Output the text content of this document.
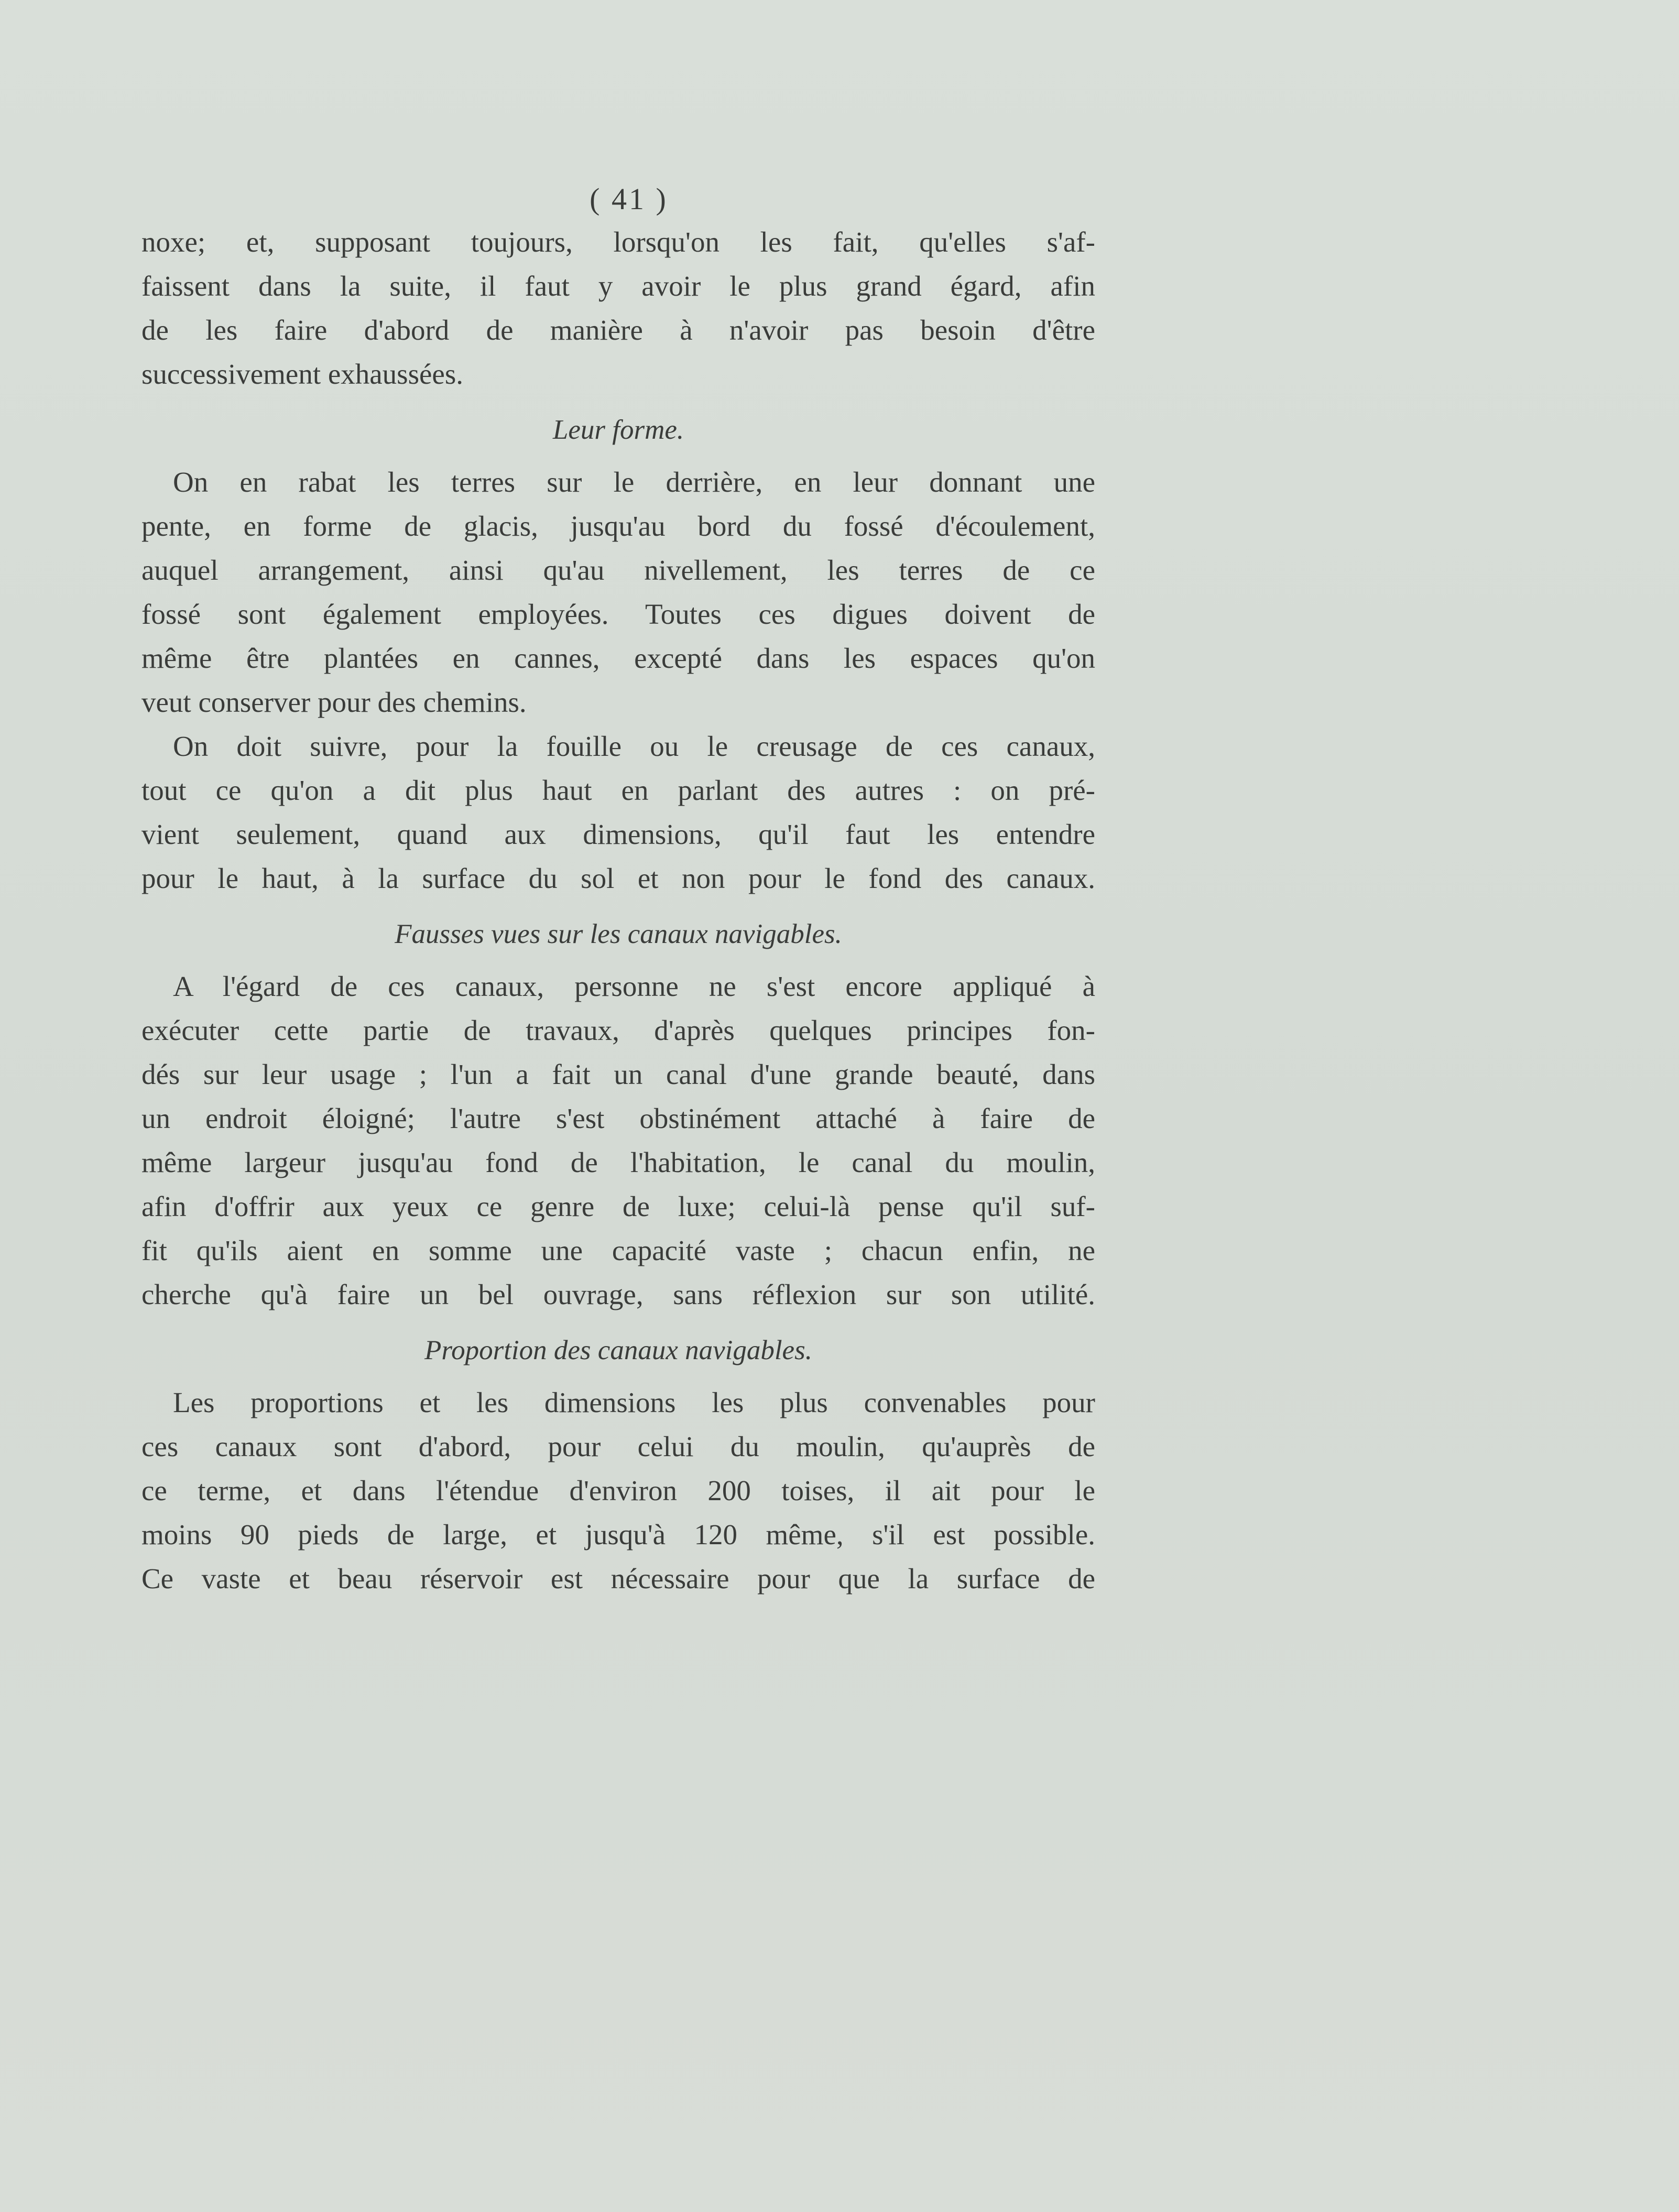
( 41 )
noxe; et, supposant toujours, lorsqu'on les fait, qu'elles s'af-
faissent dans la suite, il faut y avoir le plus grand égard, afin
de les faire d'abord de manière à n'avoir pas besoin d'être
successivement exhaussées.
Leur forme.
On en rabat les terres sur le derrière, en leur donnant une
pente, en forme de glacis, jusqu'au bord du fossé d'écoulement,
auquel arrangement, ainsi qu'au nivellement, les terres de ce
fossé sont également employées. Toutes ces digues doivent de
même être plantées en cannes, excepté dans les espaces qu'on
veut conserver pour des chemins.
On doit suivre, pour la fouille ou le creusage de ces canaux,
tout ce qu'on a dit plus haut en parlant des autres : on pré-
vient seulement, quand aux dimensions, qu'il faut les entendre
pour le haut, à la surface du sol et non pour le fond des canaux.
Fausses vues sur les canaux navigables.
A l'égard de ces canaux, personne ne s'est encore appliqué à
exécuter cette partie de travaux, d'après quelques principes fon-
dés sur leur usage ; l'un a fait un canal d'une grande beauté, dans
un endroit éloigné; l'autre s'est obstinément attaché à faire de
même largeur jusqu'au fond de l'habitation, le canal du moulin,
afin d'offrir aux yeux ce genre de luxe; celui-là pense qu'il suf-
fit qu'ils aient en somme une capacité vaste ; chacun enfin, ne
cherche qu'à faire un bel ouvrage, sans réflexion sur son utilité.
Proportion des canaux navigables.
Les proportions et les dimensions les plus convenables pour
ces canaux sont d'abord, pour celui du moulin, qu'auprès de
ce terme, et dans l'étendue d'environ 200 toises, il ait pour le
moins 90 pieds de large, et jusqu'à 120 même, s'il est possible.
Ce vaste et beau réservoir est nécessaire pour que la surface de
